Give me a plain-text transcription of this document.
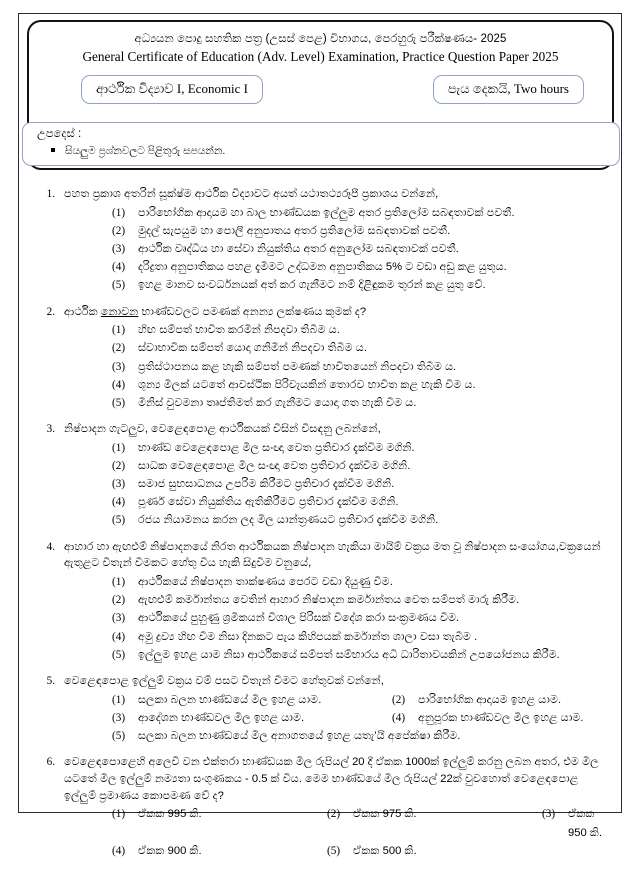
අධ්‍යයන පොදු සහතික පත්‍ර (උසස් පෙළ) විභාගය, පෙරහුරු පරීක්ෂණය- 2025
General Certificate of Education (Adv. Level) Examination, Practice Question Paper 2025
ආර්ථික විද්‍යාව I, Economic I	පැය දෙකයි, Two hours
උපදෙස් :
සියලුම ප්‍රශ්නවලට පිළිතුරු සපයන්න.
1. පහත ප්‍රකාශ අතරින් සූක්ෂ්ම ආර්ථික විද්‍යාවට අයත් යථාතථ්‍යරූපී ප්‍රකාශය වන්නේ,
(1)	පාරිභෝගික ආදායම හා බාල භාණ්ඩයක ඉල්ලුම අතර ප්‍රතිලෝම සබඳතාවක් පවතී.
(2)	මුදල් සැපයුම හා පොලී අනුපාතය අතර ප්‍රතිලෝම සබඳතාවක් පවතී.
(3)	ආර්ථික වෘද්ධිය හා සේවා නියුක්තිය අතර අනුලෝම සබඳතාවක් පවතී.
(4)	දරිද්‍රතා අනුපාතිකය පහළ දැමීමට උද්ධමන අනුපාතිකය 5% ට වඩා අඩු කළ යුතුය.
(5)	ඉහළ මානව සංවර්ධනයක් අත් කර ගැනීමට නම් දිළිඳුකම තුරන් කළ යුතු වේ.
2. ආර්ථික නොවන භාණ්ඩවලට පමණක් අනන්‍ය ලක්ෂණය කුමක් ද?
(1)	හිඟ සම්පත් භාවිත කරමින් නිපදවා තිබීම ය.
(2)	ස්වාභාවික සම්පත් යොදා ගනිමින් නිපදවා තිබීම ය.
(3)	ප්‍රතිස්ථාපනය කළ හැකි සම්පත් පමණක් භාවිතයෙන් නිපදවා තිබීම ය.
(4)	ශුන්‍ය මිලක් යටතේ ආවස්ථික පිරිවැයකින් තොරව භාවිත කළ හැකි වීම ය.
(5)	මිනිස් වුවමනා තෘප්තිමත් කර ගැනීමට යොදා ගත හැකි වීම ය.
3. නිෂ්පාදන ගැටලුව, වෙළෙඳපොළ ආර්ථිකයක් විසින් විසඳනු ලබන්නේ,
(1)	භාණ්ඩ වෙළෙඳපොළ මිල සංඥා වෙත ප්‍රතිචාර දැක්වීම මගිනි.
(2)	සාධක වෙළෙඳපොළ මිල සංඥා වෙත ප්‍රතිචාර දැක්වීම මගිනි.
(3)	සමාජ සුභසාධනය උපරිම කිරීමට ප්‍රතිචාර දැක්වීම මගිනි.
(4)	පූර්ණ සේවා නියුක්තිය ඇතිකිරීමට ප්‍රතිචාර දැක්වීම මගිනි.
(5)	රජය නියාමනය කරන ලද මිල යාන්ත්‍රණයට ප්‍රතිචාර දැක්වීම මගිනි.
4. ආහාර හා ඇඟළුම් නිෂ්පාදනයේ නිරත ආර්ථිකයක නිෂ්පාදන හැකියා මායිම් වක්‍රය මත වූ නිෂ්පාදන සංයෝගය,වක්‍රයෙන් ඇතුළට විතැන් වීමකට හේතු විය හැකි සිදුවීම වනුයේ,
(1)	ආර්ථිකයේ නිෂ්පාදන තාක්ෂණය පෙරට වඩා දියුණු වීම.
(2)	ඇඟළුම් කර්මාන්තය වෙතින් ආහාර නිෂ්පාදන කර්මාන්තය වෙත සම්පත් මාරු කිරීම.
(3)	ආර්ථිකයේ පුහුණු ශ්‍රමිකයන් විශාල පිරිසක් විදේශ කරා සංක්‍රමණය වීම.
(4)	අමු ද්‍රව්‍ය හිඟ වීම නිසා දිනකට පැය කිහිපයක් කර්මාන්ත ශාලා වසා තැබීම .
(5)	ඉල්ලුම ඉහළ යාම නිසා ආර්ථිකයේ සම්පත් සම්භාරය අධි ධාරිතාවයකින් උපයෝජනය කිරීම.
5. වෙළෙඳපොළ ඉල්ලුම් වක්‍රය වම් පසට විතැන් වීමට හේතුවක් වන්නේ,
(1)	සලකා බලන භාණ්ඩයේ මිල ඉහළ යාම.	(2)	පාරිභෝගික ආදායම ඉහළ යාම.
(3)	ආදේශන භාණ්ඩවල මිල ඉහළ යාම.	(4)	අනුපූරක භාණ්ඩවල මිල ඉහළ යාම.
(5)	සලකා බලන භාණ්ඩයේ මිල අනාගතයේ ඉහළ යතැ’යි අපේක්ෂා කිරීම.
6. වෙළෙඳපොළෙහි අලෙවි වන එක්තරා භාණ්ඩයක මිල රුපියල් 20 දී ඒකක 1000ක් ඉල්ලුම් කරනු ලබන අතර, එම මිල යටතේ මිල ඉල්ලුම් නම්‍යතා සංගුණකය - 0.5 ක් විය. මෙම භාණ්ඩයේ මිල රුපියල් 22ක් වුවහොත් වෙළෙඳපොළ ඉල්ලුම් ප්‍රමාණය කොපමණ වේ ද?
(1)	ඒකක 995 කි.	(2)	ඒකක 975 කි.	(3)	ඒකක 950 කි.
(4)	ඒකක 900 කි.	(5)	ඒකක 500 කි.
